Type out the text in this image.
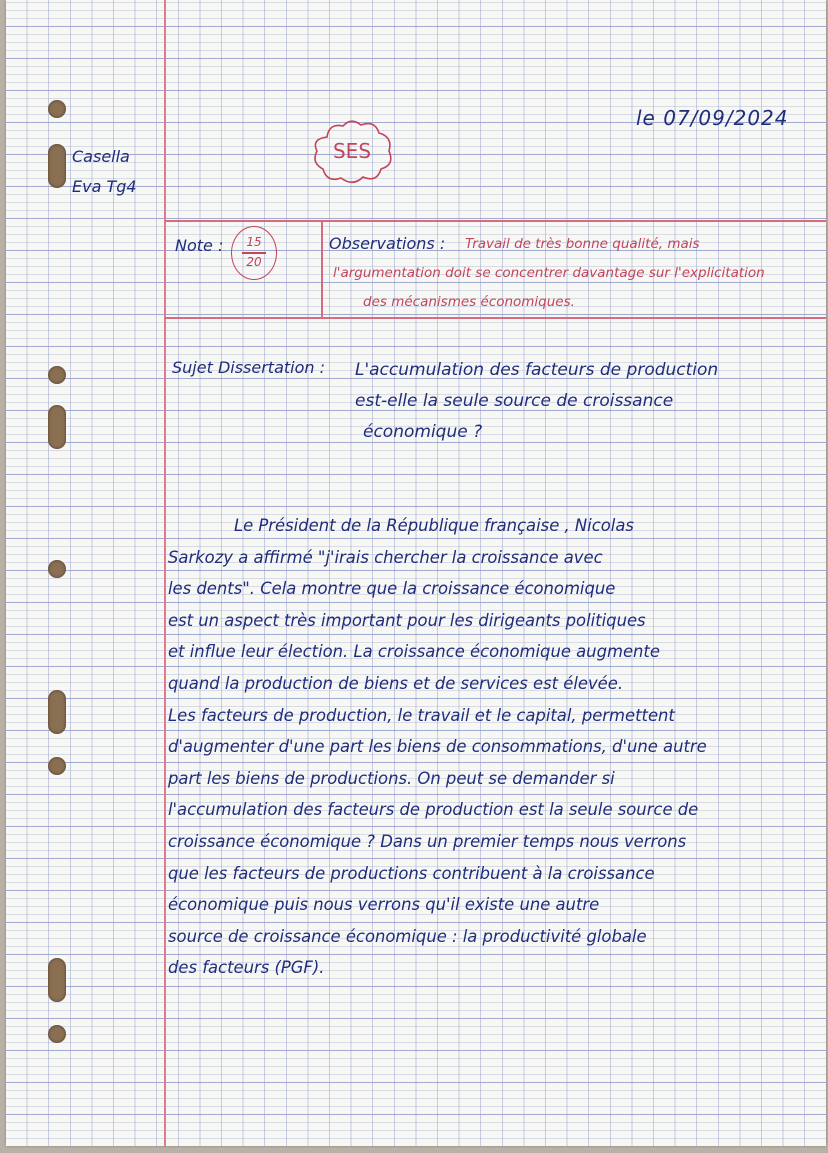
Casella
Eva Tg4
SES
le 07/09/2024
Note :	15
20
Observations : Travail de très bonne qualité, mais
l'argumentation doit se concentrer davantage sur l'explicitation
des mécanismes économiques.
Sujet Dissertation : L'accumulation des facteurs de production
est-elle la seule source de croissance
économique ?
Le Président de la République française , Nicolas
Sarkozy a affirmé "j'irais chercher la croissance avec
les dents". Cela montre que la croissance économique
est un aspect très important pour les dirigeants politiques
et influe leur élection. La croissance économique augmente
quand la production de biens et de services est élevée.
Les facteurs de production, le travail et le capital, permettent
d'augmenter d'une part les biens de consommations, d'une autre
part les biens de productions. On peut se demander si
l'accumulation des facteurs de production est la seule source de
croissance économique ? Dans un premier temps nous verrons
que les facteurs de productions contribuent à la croissance
économique puis nous verrons qu'il existe une autre
source de croissance économique : la productivité globale
des facteurs (PGF).
